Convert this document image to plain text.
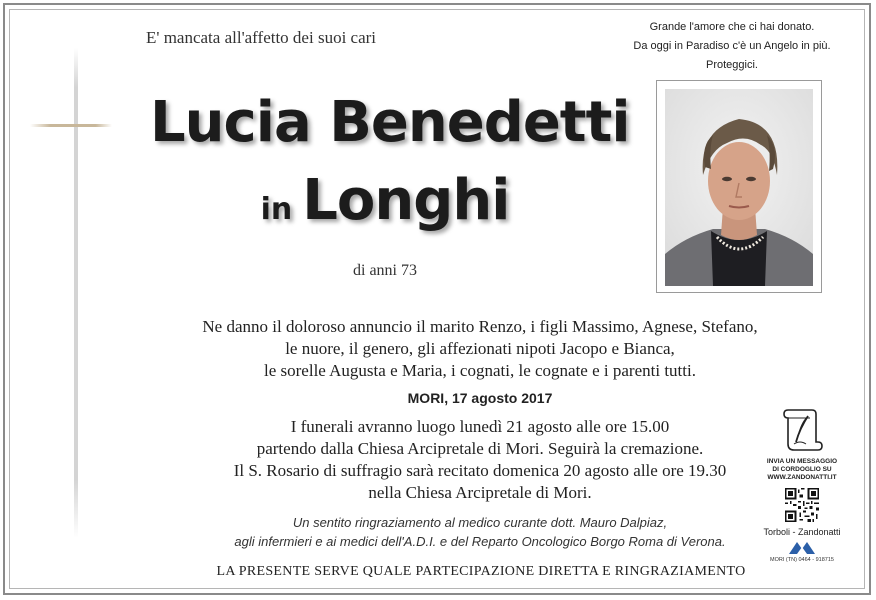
E' mancata all'affetto dei suoi cari
Grande l'amore che ci hai donato.
Da oggi in Paradiso c'è un Angelo in più.
Proteggici.
Lucia Benedetti
in Longhi
di anni 73
Ne danno il doloroso annuncio il marito Renzo, i figli Massimo, Agnese, Stefano,
le nuore, il genero, gli affezionati nipoti Jacopo e Bianca,
le sorelle Augusta e Maria, i cognati, le cognate e i parenti tutti.
MORI, 17 agosto 2017
I funerali avranno luogo lunedì 21 agosto alle ore 15.00
partendo dalla Chiesa Arcipretale di Mori. Seguirà la cremazione.
Il S. Rosario di suffragio sarà recitato domenica 20 agosto alle ore 19.30
nella Chiesa Arcipretale di Mori.
Un sentito ringraziamento al medico curante dott. Mauro Dalpiaz,
agli infermieri e ai medici dell'A.D.I. e del Reparto Oncologico Borgo Roma di Verona.
LA PRESENTE SERVE QUALE PARTECIPAZIONE DIRETTA E RINGRAZIAMENTO
INVIA UN MESSAGGIO
DI CORDOGLIO SU
WWW.ZANDONATTI.IT
Torboli - Zandonatti
MORI (TN) 0464 - 918715
